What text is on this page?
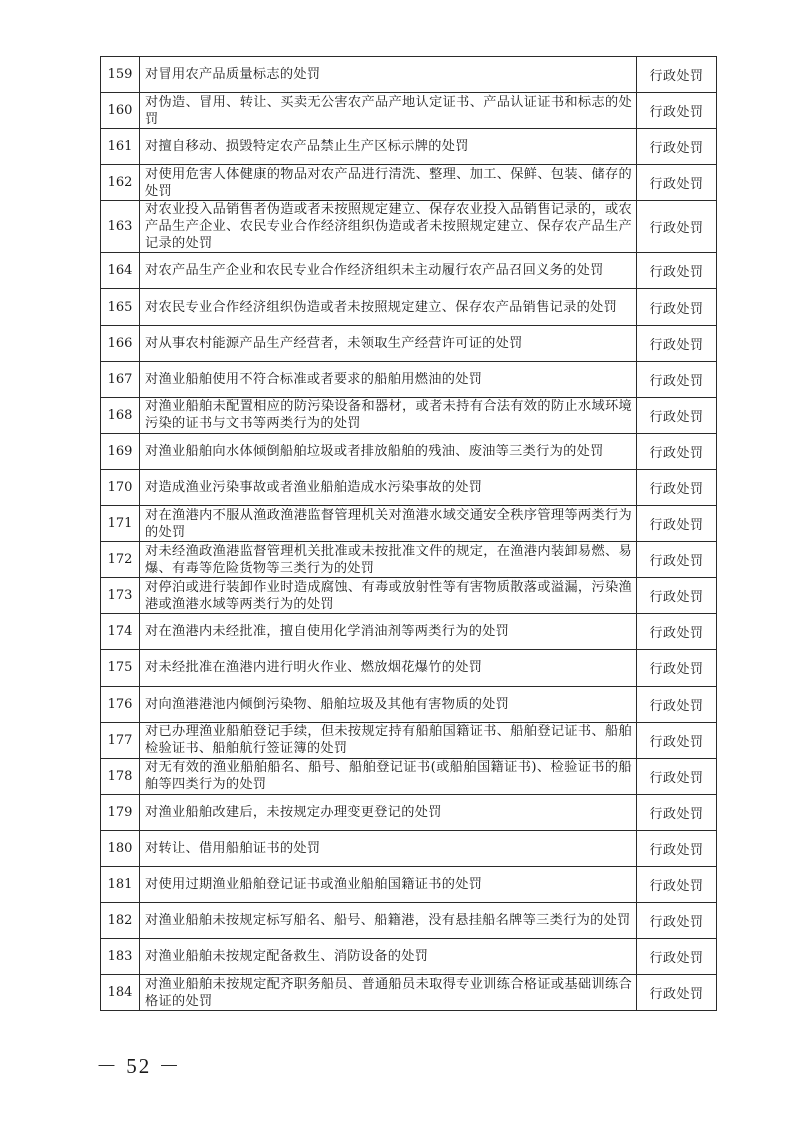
159	对冒用农产品质量标志的处罚	行政处罚
160	对伪造、冒用、转让、买卖无公害农产品产地认定证书、产品认证证书和标志的处罚	行政处罚
161	对擅自移动、损毁特定农产品禁止生产区标示牌的处罚	行政处罚
162	对使用危害人体健康的物品对农产品进行清洗、整理、加工、保鲜、包装、储存的处罚	行政处罚
163	对农业投入品销售者伪造或者未按照规定建立、保存农业投入品销售记录的，或农产品生产企业、农民专业合作经济组织伪造或者未按照规定建立、保存农产品生产记录的处罚	行政处罚
164	对农产品生产企业和农民专业合作经济组织未主动履行农产品召回义务的处罚	行政处罚
165	对农民专业合作经济组织伪造或者未按照规定建立、保存农产品销售记录的处罚	行政处罚
166	对从事农村能源产品生产经营者，未领取生产经营许可证的处罚	行政处罚
167	对渔业船舶使用不符合标准或者要求的船舶用燃油的处罚	行政处罚
168	对渔业船舶未配置相应的防污染设备和器材，或者未持有合法有效的防止水域环境污染的证书与文书等两类行为的处罚	行政处罚
169	对渔业船舶向水体倾倒船舶垃圾或者排放船舶的残油、废油等三类行为的处罚	行政处罚
170	对造成渔业污染事故或者渔业船舶造成水污染事故的处罚	行政处罚
171	对在渔港内不服从渔政渔港监督管理机关对渔港水域交通安全秩序管理等两类行为的处罚	行政处罚
172	对未经渔政渔港监督管理机关批准或未按批准文件的规定，在渔港内装卸易燃、易爆、有毒等危险货物等三类行为的处罚	行政处罚
173	对停泊或进行装卸作业时造成腐蚀、有毒或放射性等有害物质散落或溢漏，污染渔港或渔港水域等两类行为的处罚	行政处罚
174	对在渔港内未经批准，擅自使用化学消油剂等两类行为的处罚	行政处罚
175	对未经批准在渔港内进行明火作业、燃放烟花爆竹的处罚	行政处罚
176	对向渔港港池内倾倒污染物、船舶垃圾及其他有害物质的处罚	行政处罚
177	对已办理渔业船舶登记手续，但未按规定持有船舶国籍证书、船舶登记证书、船舶检验证书、船舶航行签证簿的处罚	行政处罚
178	对无有效的渔业船舶船名、船号、船舶登记证书(或船舶国籍证书)、检验证书的船舶等四类行为的处罚	行政处罚
179	对渔业船舶改建后，未按规定办理变更登记的处罚	行政处罚
180	对转让、借用船舶证书的处罚	行政处罚
181	对使用过期渔业船舶登记证书或渔业船舶国籍证书的处罚	行政处罚
182	对渔业船舶未按规定标写船名、船号、船籍港，没有悬挂船名牌等三类行为的处罚	行政处罚
183	对渔业船舶未按规定配备救生、消防设备的处罚	行政处罚
184	对渔业船舶未按规定配齐职务船员、普通船员未取得专业训练合格证或基础训练合格证的处罚	行政处罚
－ 52 －
